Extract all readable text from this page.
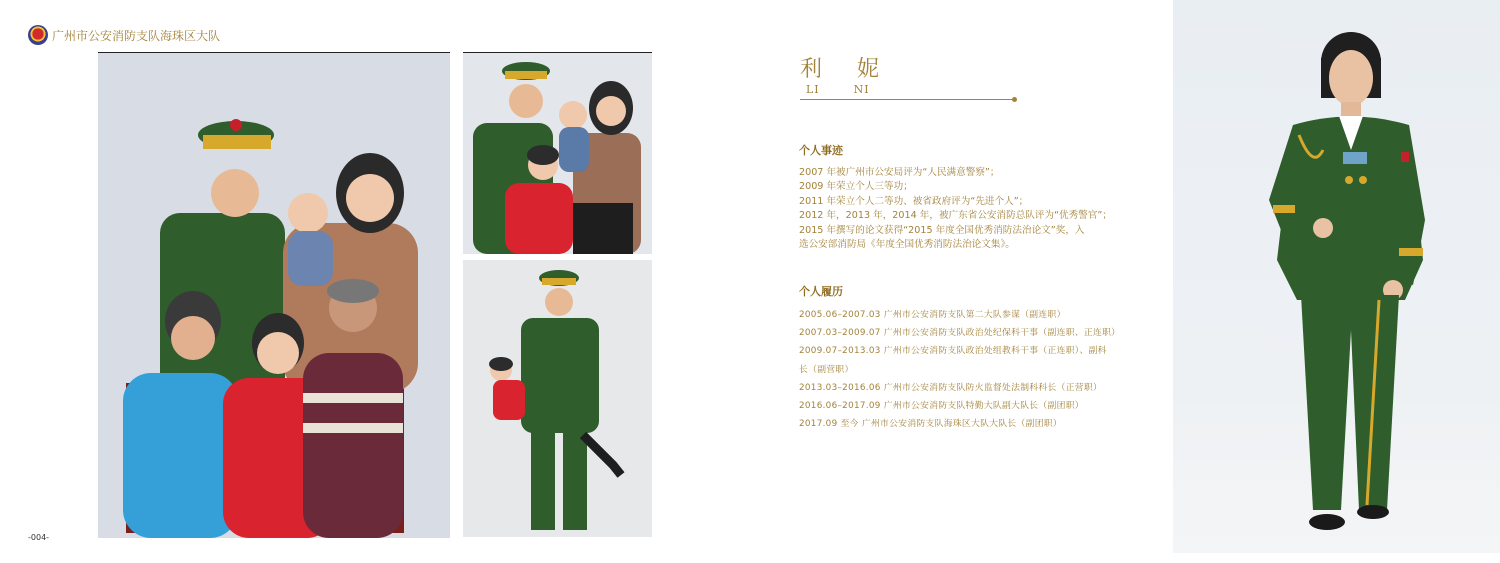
广州市公安消防支队海珠区大队
-004-
利 妮
LI	NI
个人事迹
2007 年被广州市公安局评为“人民满意警察”；
2009 年荣立个人三等功；
2011 年荣立个人二等功、被省政府评为“先进个人”；
2012 年，2013 年，2014 年，被广东省公安消防总队评为“优秀警官”；
2015 年撰写的论文获得“2015 年度全国优秀消防法治论文”奖，入
选公安部消防局《年度全国优秀消防法治论文集》。
个人履历
2005.06–2007.03 广州市公安消防支队第二大队参谋（副连职）
2007.03–2009.07 广州市公安消防支队政治处纪保科干事（副连职、正连职）
2009.07–2013.03 广州市公安消防支队政治处组教科干事（正连职）、副科
长（副营职）
2013.03–2016.06 广州市公安消防支队防火监督处法制科科长（正营职）
2016.06–2017.09 广州市公安消防支队特勤大队副大队长（副团职）
2017.09 至今 广州市公安消防支队海珠区大队大队长（副团职）
